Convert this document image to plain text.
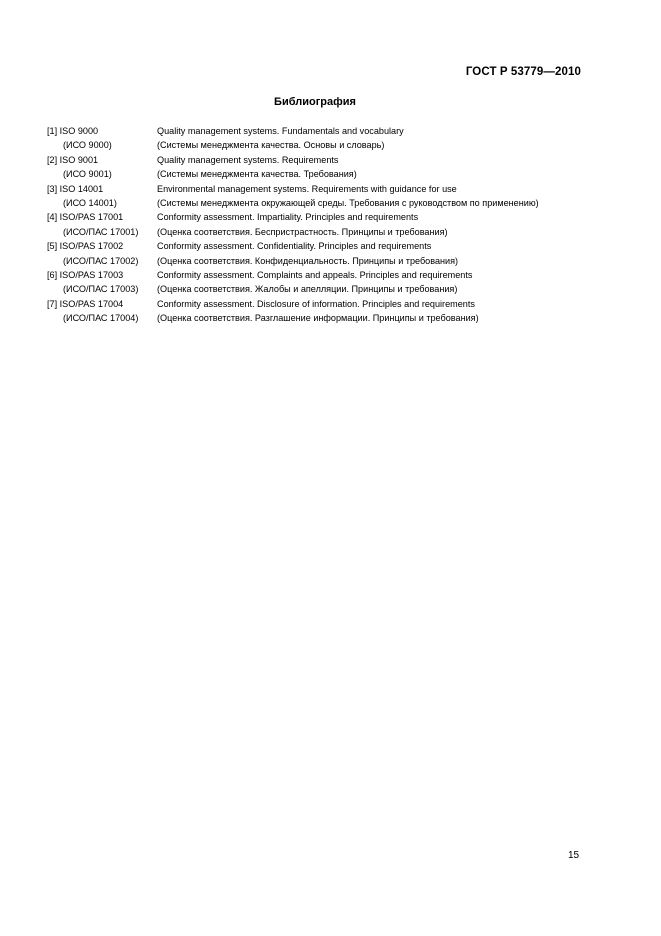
ГОСТ Р 53779—2010
Библиография
[1] ISO 9000	Quality management systems. Fundamentals and vocabulary
(ИСО 9000)	(Системы менеджмента качества. Основы и словарь)
[2] ISO 9001	Quality management systems. Requirements
(ИСО 9001)	(Системы менеджмента качества. Требования)
[3] ISO 14001	Environmental management systems. Requirements with guidance for use
(ИСО 14001)	(Системы менеджмента окружающей среды. Требования с руководством по применению)
[4] ISO/PAS 17001	Conformity assessment. Impartiality. Principles and requirements
(ИСО/ПАС 17001)	(Оценка соответствия. Беспристрастность. Принципы и требования)
[5] ISO/PAS 17002	Conformity assessment. Confidentiality. Principles and requirements
(ИСО/ПАС 17002)	(Оценка соответствия. Конфиденциальность. Принципы и требования)
[6] ISO/PAS 17003	Conformity assessment. Complaints and appeals. Principles and requirements
(ИСО/ПАС 17003)	(Оценка соответствия. Жалобы и апелляции. Принципы и требования)
[7] ISO/PAS 17004	Conformity assessment. Disclosure of information. Principles and requirements
(ИСО/ПАС 17004)	(Оценка соответствия. Разглашение информации. Принципы и требования)
15
